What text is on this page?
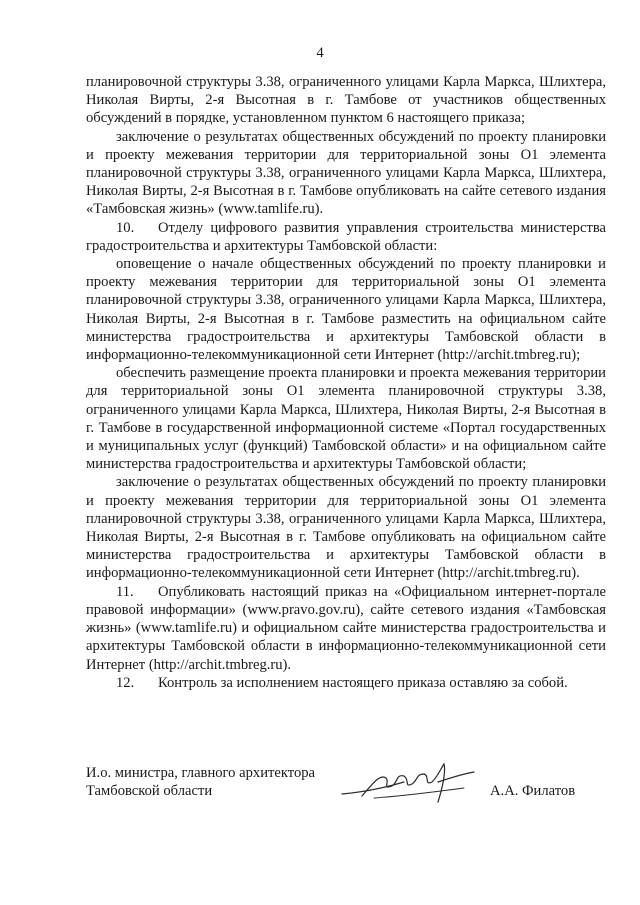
4

планировочной структуры 3.38, ограниченного улицами Карла Маркса, Шлихтера, Николая Вирты, 2-я Высотная в г. Тамбове от участников общественных обсуждений в порядке, установленном пунктом 6 настоящего приказа;

заключение о результатах общественных обсуждений по проекту планировки и проекту межевания территории для территориальной зоны О1 элемента планировочной структуры 3.38, ограниченного улицами Карла Маркса, Шлихтера, Николая Вирты, 2-я Высотная в г. Тамбове опубликовать на сайте сетевого издания «Тамбовская жизнь» (www.tamlife.ru).

10. Отделу цифрового развития управления строительства министерства градостроительства и архитектуры Тамбовской области:

оповещение о начале общественных обсуждений по проекту планировки и проекту межевания территории для территориальной зоны О1 элемента планировочной структуры 3.38, ограниченного улицами Карла Маркса, Шлихтера, Николая Вирты, 2-я Высотная в г. Тамбове разместить на официальном сайте министерства градостроительства и архитектуры Тамбовской области в информационно-телекоммуникационной сети Интернет (http://archit.tmbreg.ru);

обеспечить размещение проекта планировки и проекта межевания территории для территориальной зоны О1 элемента планировочной структуры 3.38, ограниченного улицами Карла Маркса, Шлихтера, Николая Вирты, 2-я Высотная в г. Тамбове в государственной информационной системе «Портал государственных и муниципальных услуг (функций) Тамбовской области» и на официальном сайте министерства градостроительства и архитектуры Тамбовской области;

заключение о результатах общественных обсуждений по проекту планировки и проекту межевания территории для территориальной зоны О1 элемента планировочной структуры 3.38, ограниченного улицами Карла Маркса, Шлихтера, Николая Вирты, 2-я Высотная в г. Тамбове опубликовать на официальном сайте министерства градостроительства и архитектуры Тамбовской области в информационно-телекоммуникационной сети Интернет (http://archit.tmbreg.ru).

11. Опубликовать настоящий приказ на «Официальном интернет-портале правовой информации» (www.pravo.gov.ru), сайте сетевого издания «Тамбовская жизнь» (www.tamlife.ru) и официальном сайте министерства градостроительства и архитектуры Тамбовской области в информационно-телекоммуникационной сети Интернет (http://archit.tmbreg.ru).

12. Контроль за исполнением настоящего приказа оставляю за собой.

И.о. министра, главного архитектора
Тамбовской области	А.А. Филатов
